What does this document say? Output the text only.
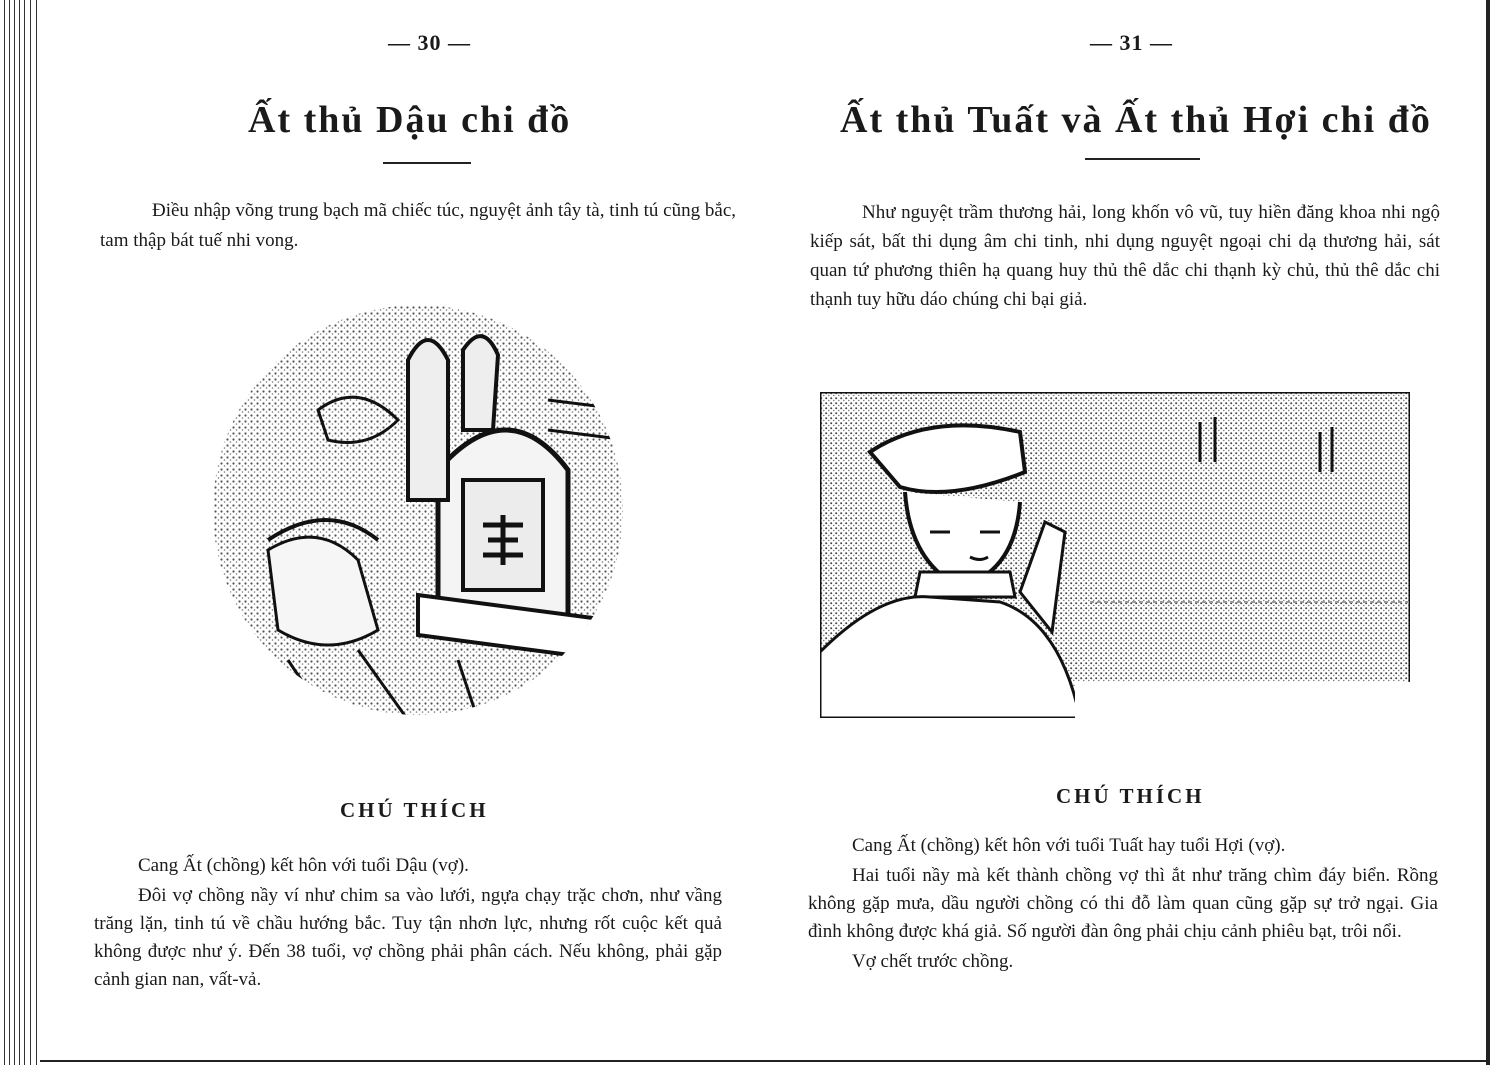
— 30 —
Ất thủ Dậu chi đồ
Điều nhập võng trung bạch mã chiếc túc, nguyệt ảnh tây tà, tinh tú cũng bắc, tam thập bát tuế nhi vong.
CHÚ THÍCH

Cang Ất (chồng) kết hôn với tuổi Dậu (vợ).

Đôi vợ chồng nầy ví như chim sa vào lưới, ngựa chạy trặc chơn, như vầng trăng lặn, tinh tú về chầu hướng bắc. Tuy tận nhơn lực, nhưng rốt cuộc kết quả không được như ý. Đến 38 tuổi, vợ chồng phải phân cách. Nếu không, phải gặp cảnh gian nan, vất-vả.

— 31 —
Ất thủ Tuất và Ất thủ Hợi chi đồ
Như nguyệt trầm thương hải, long khốn vô vũ, tuy hiền đăng khoa nhi ngộ kiếp sát, bất thi dụng âm chi tinh, nhi dụng nguyệt ngoại chi dạ thương hải, sát quan tứ phương thiên hạ quang huy thủ thê dắc chi thạnh kỳ chủ, thủ thê dắc chi thạnh tuy hữu dáo chúng chi bại giả.
CHÚ THÍCH

Cang Ất (chồng) kết hôn với tuổi Tuất hay tuổi Hợi (vợ).

Hai tuổi nầy mà kết thành chồng vợ thì ắt như trăng chìm đáy biển. Rồng không gặp mưa, dầu người chồng có thi đỗ làm quan cũng gặp sự trở ngại. Gia đình không được khá giả. Số người đàn ông phải chịu cảnh phiêu bạt, trôi nổi.

Vợ chết trước chồng.
